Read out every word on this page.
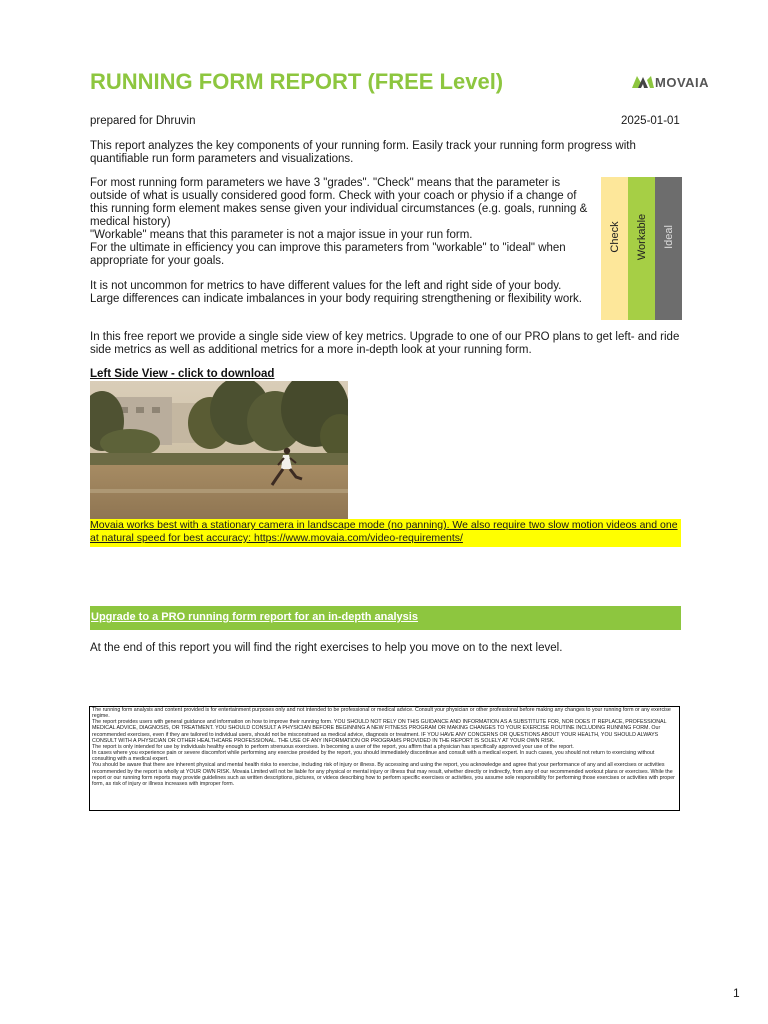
RUNNING FORM REPORT (FREE Level)	MOVAIA
prepared for Dhruvin	2025-01-01

This report analyzes the key components of your running form. Easily track your running form progress with quantifiable run form parameters and visualizations.

For most running form parameters we have 3 "grades". "Check" means that the parameter is outside of what is usually considered good form. Check with your coach or physio if a change of this running form element makes sense given your individual circumstances (e.g. goals, running & medical history)
"Workable" means that this parameter is not a major issue in your run form.
For the ultimate in efficiency you can improve this parameters from "workable" to "ideal" when appropriate for your goals.
Check Workable Ideal

It is not uncommon for metrics to have different values for the left and right side of your body. Large differences can indicate imbalances in your body requiring strengthening or flexibility work.

In this free report we provide a single side view of key metrics. Upgrade to one of our PRO plans to get left- and ride side metrics as well as additional metrics for a more in-depth look at your running form.

Left Side View - click to download
Movaia works best with a stationary camera in landscape mode (no panning). We also require two slow motion videos and one at natural speed for best accuracy: https://www.movaia.com/video-requirements/
Upgrade to a PRO running form report for an in-depth analysis
At the end of this report you will find the right exercises to help you move on to the next level.

The running form analysis and content provided is for entertainment purposes only and not intended to be professional or medical advice. Consult your physician or other professional before making any changes to your running form or any exercise regime.

The report provides users with general guidance and information on how to improve their running form. YOU SHOULD NOT RELY ON THIS GUIDANCE AND INFORMATION AS A SUBSTITUTE FOR, NOR DOES IT REPLACE, PROFESSIONAL MEDICAL ADVICE, DIAGNOSIS, OR TREATMENT. YOU SHOULD CONSULT A PHYSICIAN BEFORE BEGINNING A NEW FITNESS PROGRAM OR MAKING CHANGES TO YOUR EXERCISE ROUTINE INCLUDING RUNNING FORM. Our recommended exercises, even if they are tailored to individual users, should not be misconstrued as medical advice, diagnosis or treatment. IF YOU HAVE ANY CONCERNS OR QUESTIONS ABOUT YOUR HEALTH, YOU SHOULD ALWAYS CONSULT WITH A PHYSICIAN OR OTHER HEALTHCARE PROFESSIONAL. THE USE OF ANY INFORMATION OR PROGRAMS PROVIDED IN THE REPORT IS SOLELY AT YOUR OWN RISK.

The report is only intended for use by individuals healthy enough to perform strenuous exercises. In becoming a user of the report, you affirm that a physician has specifically approved your use of the report.

In cases where you experience pain or severe discomfort while performing any exercise provided by the report, you should immediately discontinue and consult with a medical expert. In such cases, you should not return to exercising without consulting with a medical expert.

You should be aware that there are inherent physical and mental health risks to exercise, including risk of injury or illness. By accessing and using the report, you acknowledge and agree that your performance of any and all exercises or activities recommended by the report is wholly at YOUR OWN RISK. Movaia Limited will not be liable for any physical or mental injury or illness that may result, whether directly or indirectly, from any of our recommended workout plans or exercises. While the report or our running form reports may provide guidelines such as written descriptions, pictures, or videos describing how to perform specific exercises or activities, you assume sole responsibility for performing those exercises or activities with proper form, as risk of injury or illness increases with improper form.

1
